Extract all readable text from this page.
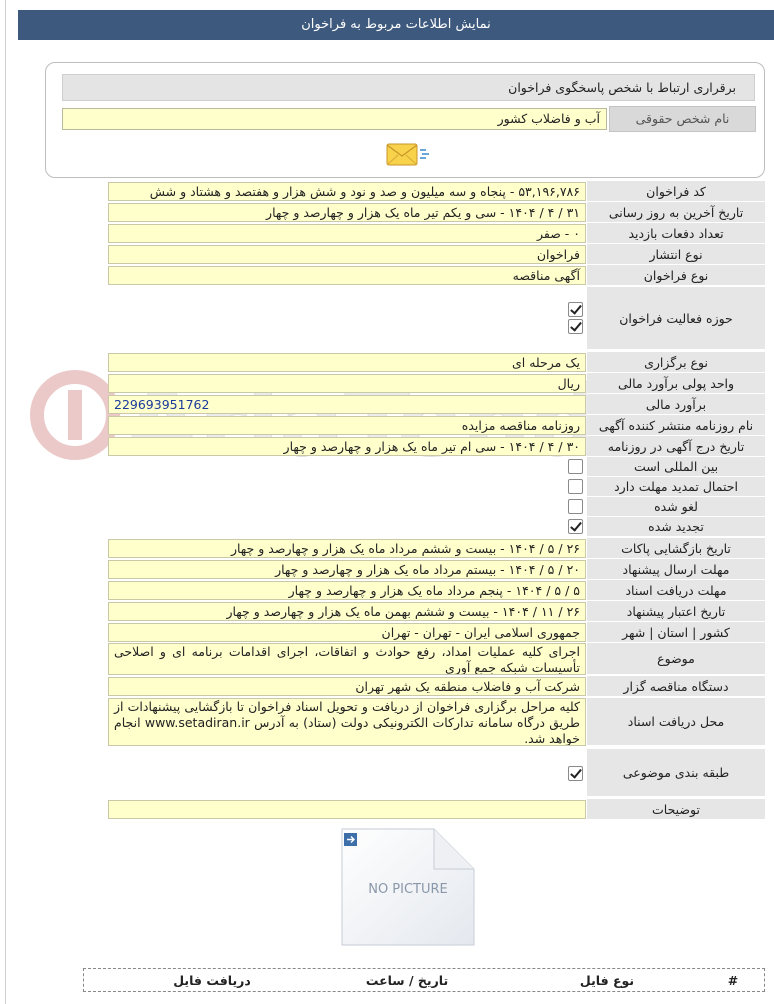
نمایش اطلاعات مربوط به فراخوان
برقراری ارتباط با شخص پاسخگوی فراخوان
نام شخص حقوقی
آب و فاضلاب کشور
کد فراخوان
۵۳,۱۹۶,۷۸۶ - پنجاه و سه میلیون و صد و نود و شش هزار و هفتصد و هشتاد و شش
تاریخ آخرین به روز رسانی
۳۱ / ۴ / ۱۴۰۴ - سی و یکم تیر ماه یک هزار و چهارصد و چهار
تعداد دفعات بازدید
۰ - صفر
نوع انتشار
فراخوان
نوع فراخوان
آگهی مناقصه
حوزه فعالیت فراخوان
نوع برگزاری
یک مرحله ای
واحد پولی برآورد مالی
ریال
برآورد مالی
229693951762
نام روزنامه منتشر کننده آگهی
روزنامه مناقصه مزایده
تاریخ درج آگهی در روزنامه
۳۰ / ۴ / ۱۴۰۴ - سی ام تیر ماه یک هزار و چهارصد و چهار
بین المللی است
احتمال تمدید مهلت دارد
لغو شده
تجدید شده
تاریخ بازگشایی پاکات
۲۶ / ۵ / ۱۴۰۴ - بیست و ششم مرداد ماه یک هزار و چهارصد و چهار
مهلت ارسال پیشنهاد
۲۰ / ۵ / ۱۴۰۴ - بیستم مرداد ماه یک هزار و چهارصد و چهار
مهلت دریافت اسناد
۵ / ۵ / ۱۴۰۴ - پنجم مرداد ماه یک هزار و چهارصد و چهار
تاریخ اعتبار پیشنهاد
۲۶ / ۱۱ / ۱۴۰۴ - بیست و ششم بهمن ماه یک هزار و چهارصد و چهار
کشور | استان | شهر
جمهوری اسلامی ایران - تهران - تهران
موضوع
اجرای کلیه عملیات امداد، رفع حوادث و اتفاقات، اجرای اقدامات برنامه ای و اصلاحی تأسیسات شبکه جمع آوری
دستگاه مناقصه گزار
شرکت آب و فاضلاب منطقه یک شهر تهران
محل دریافت اسناد
کلیه مراحل برگزاری فراخوان از دریافت و تحویل اسناد فراخوان تا بازگشایی پیشنهادات از طریق درگاه سامانه تدارکات الکترونیکی دولت (ستاد) به آدرس www.setadiran.ir انجام خواهد شد.
طبقه بندی موضوعی
توضیحات
NO PICTURE
#
نوع فایل
تاریخ / ساعت
دریافت فایل
